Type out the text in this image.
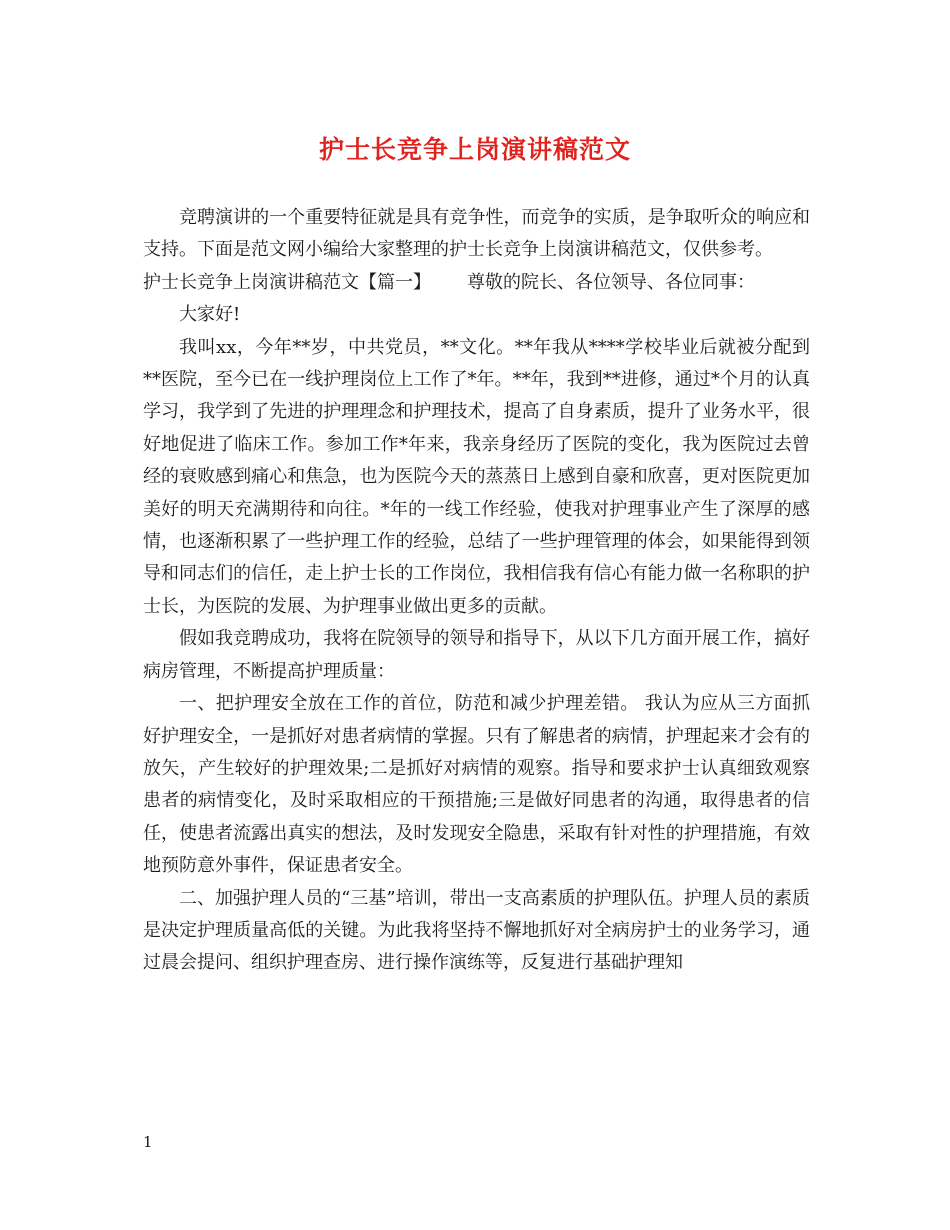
护士长竞争上岗演讲稿范文

竞聘演讲的一个重要特征就是具有竞争性，而竞争的实质，是争取听众的响应和支持。下面是范文网小编给大家整理的护士长竞争上岗演讲稿范文，仅供参考。

护士长竞争上岗演讲稿范文【篇一】 尊敬的院长、各位领导、各位同事：

大家好!

我叫xx，今年**岁，中共党员，**文化。**年我从****学校毕业后就被分配到**医院，至今已在一线护理岗位上工作了*年。**年，我到**进修，通过*个月的认真学习，我学到了先进的护理理念和护理技术，提高了自身素质，提升了业务水平，很好地促进了临床工作。参加工作*年来，我亲身经历了医院的变化，我为医院过去曾经的衰败感到痛心和焦急，也为医院今天的蒸蒸日上感到自豪和欣喜，更对医院更加美好的明天充满期待和向往。*年的一线工作经验，使我对护理事业产生了深厚的感情，也逐渐积累了一些护理工作的经验，总结了一些护理管理的体会，如果能得到领导和同志们的信任，走上护士长的工作岗位，我相信我有信心有能力做一名称职的护士长，为医院的发展、为护理事业做出更多的贡献。

假如我竞聘成功，我将在院领导的领导和指导下，从以下几方面开展工作，搞好病房管理，不断提高护理质量：

一、把护理安全放在工作的首位，防范和减少护理差错。 我认为应从三方面抓好护理安全，一是抓好对患者病情的掌握。只有了解患者的病情，护理起来才会有的放矢，产生较好的护理效果;二是抓好对病情的观察。指导和要求护士认真细致观察患者的病情变化，及时采取相应的干预措施;三是做好同患者的沟通，取得患者的信任，使患者流露出真实的想法，及时发现安全隐患，采取有针对性的护理措施，有效地预防意外事件，保证患者安全。

二、加强护理人员的“三基”培训，带出一支高素质的护理队伍。护理人员的素质是决定护理质量高低的关键。为此我将坚持不懈地抓好对全病房护士的业务学习，通过晨会提问、组织护理查房、进行操作演练等，反复进行基础护理知

1
